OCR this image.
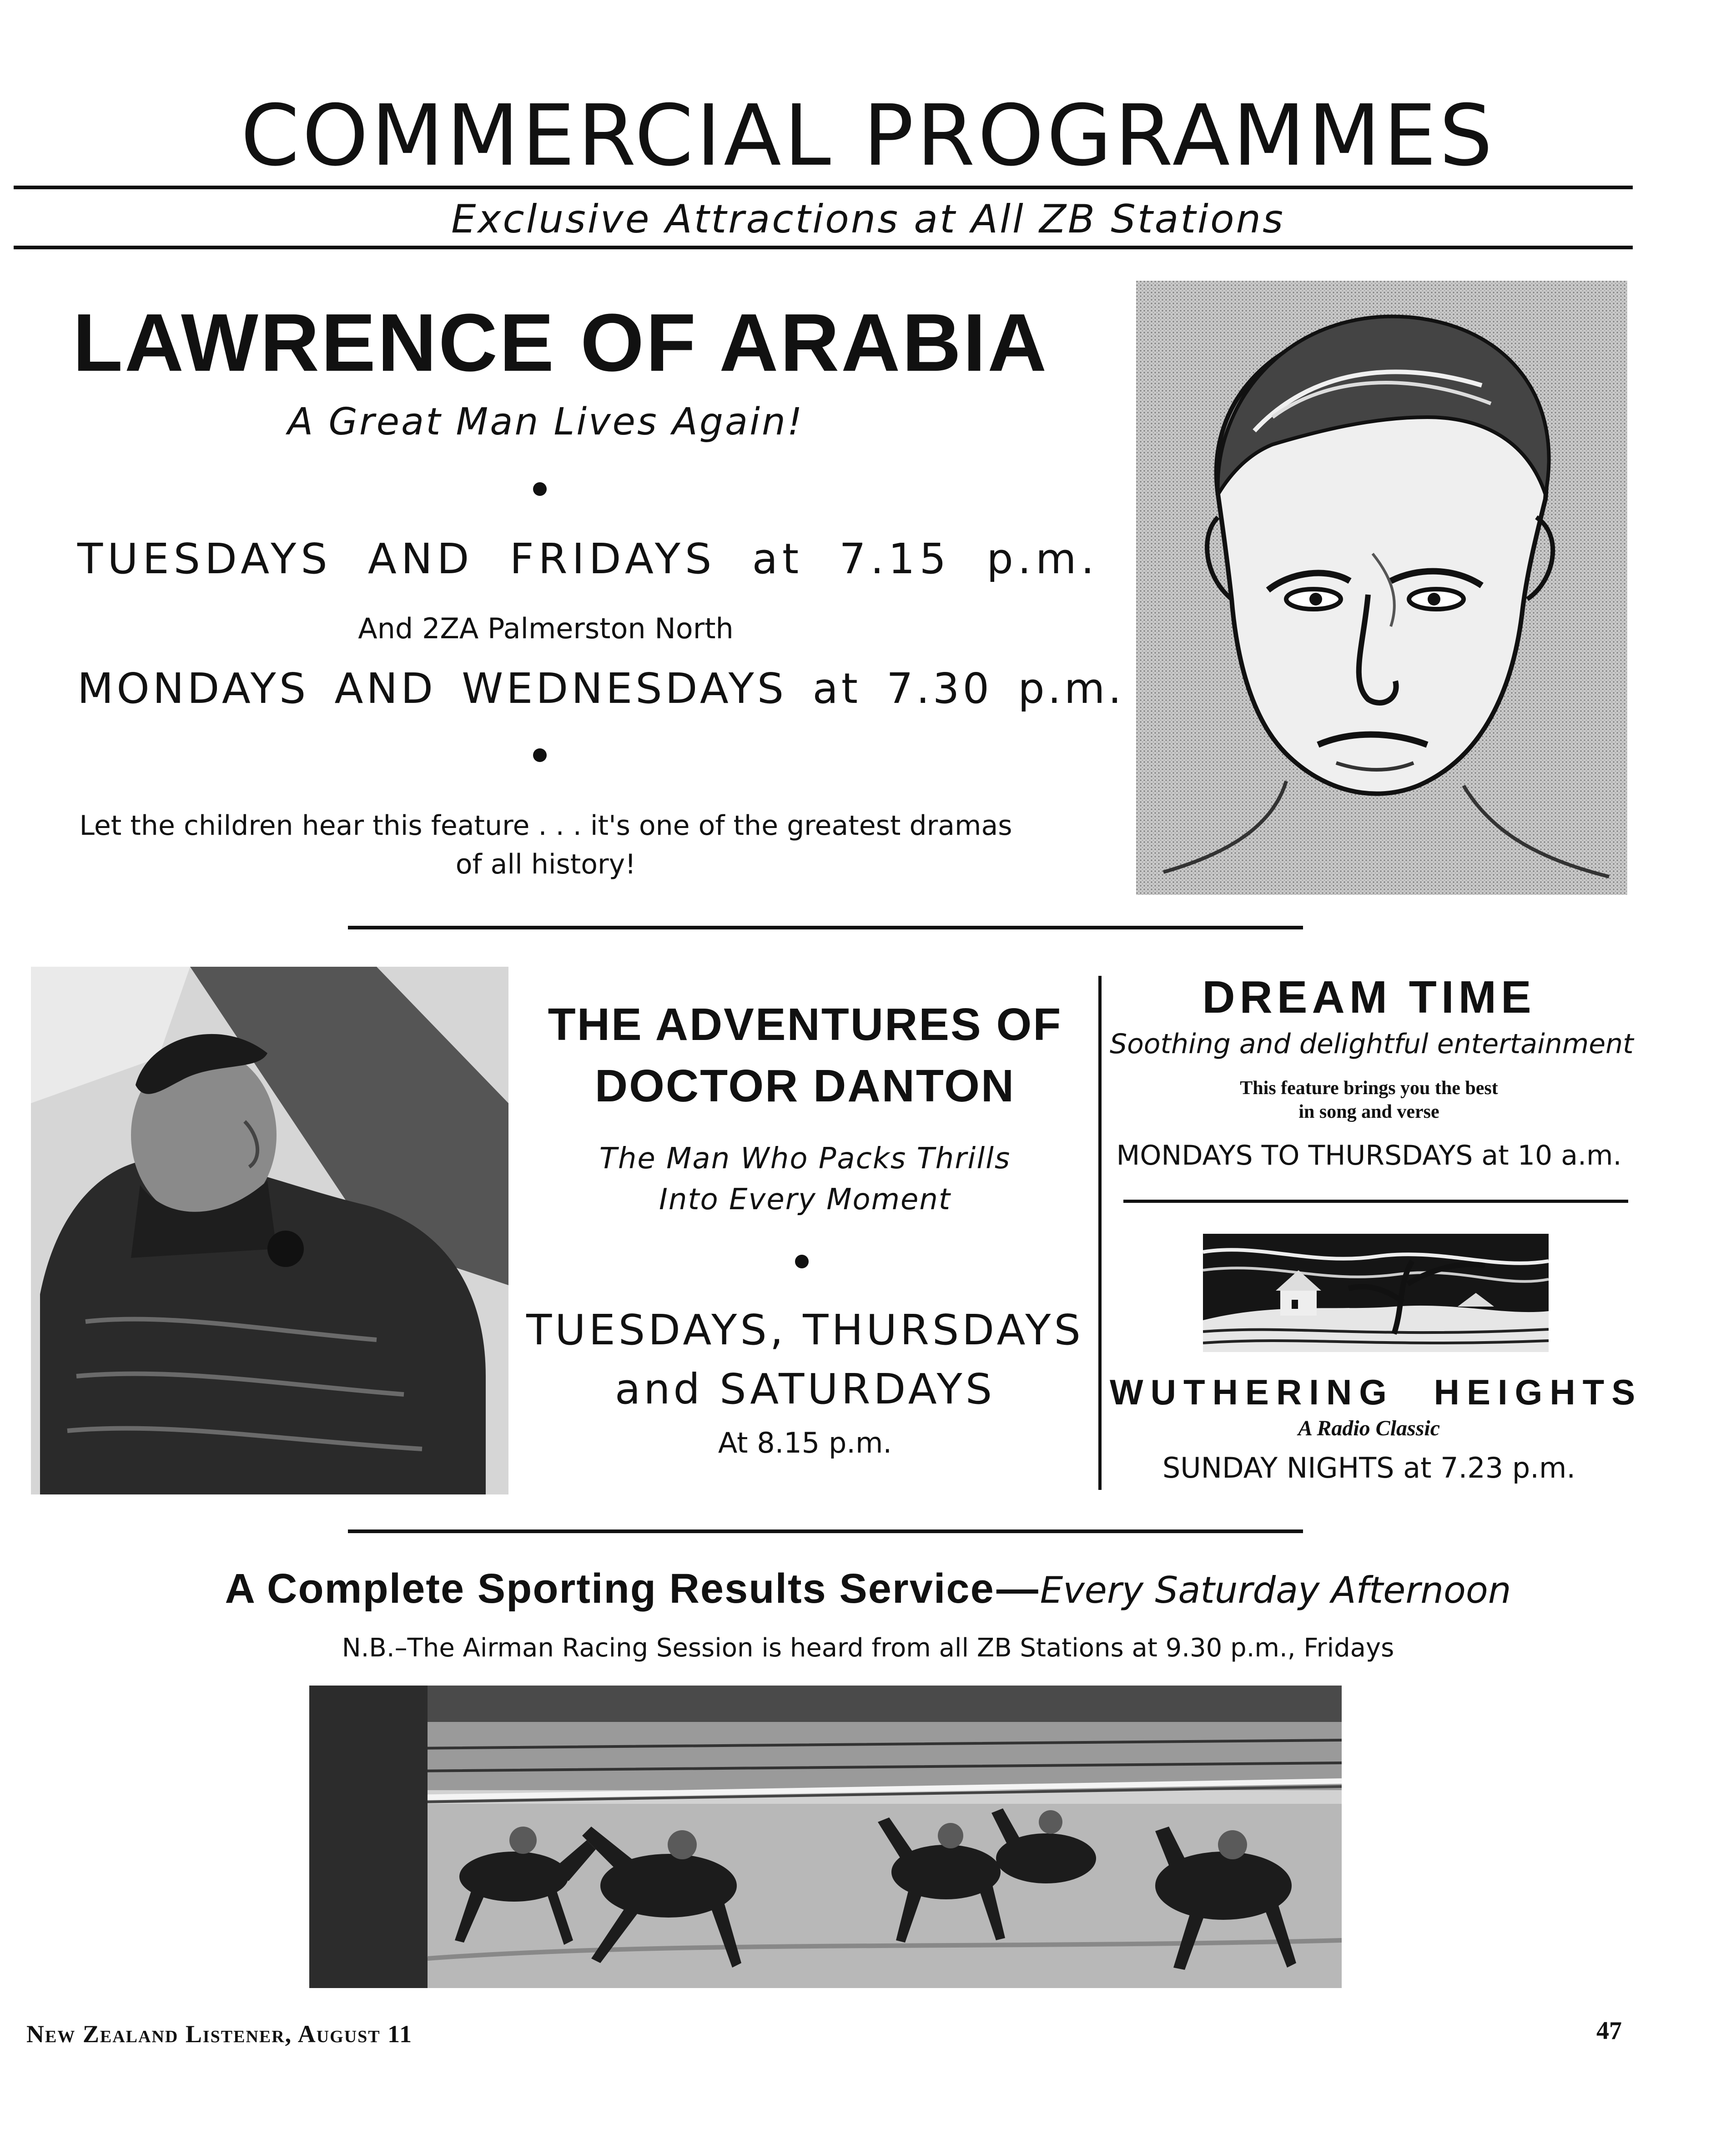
COMMERCIAL PROGRAMMES
Exclusive Attractions at All ZB Stations
LAWRENCE OF ARABIA
A Great Man Lives Again!
TUESDAYS AND FRIDAYS at 7.15 p.m.
And 2ZA Palmerston North
MONDAYS AND WEDNESDAYS at 7.30 p.m.
Let the children hear this feature . . . it's one of the greatest dramas
of all history!
THE ADVENTURES OF
DOCTOR DANTON
The Man Who Packs Thrills
Into Every Moment
TUESDAYS, THURSDAYS
and SATURDAYS
At 8.15 p.m.
DREAM TIME
Soothing and delightful entertainment
This feature brings you the best
in song and verse
MONDAYS TO THURSDAYS at 10 a.m.
WUTHERING HEIGHTS
A Radio Classic
SUNDAY NIGHTS at 7.23 p.m.
A Complete Sporting Results Service — Every Saturday Afternoon
N.B.–The Airman Racing Session is heard from all ZB Stations at 9.30 p.m., Fridays
New Zealand Listener, August 11	47
